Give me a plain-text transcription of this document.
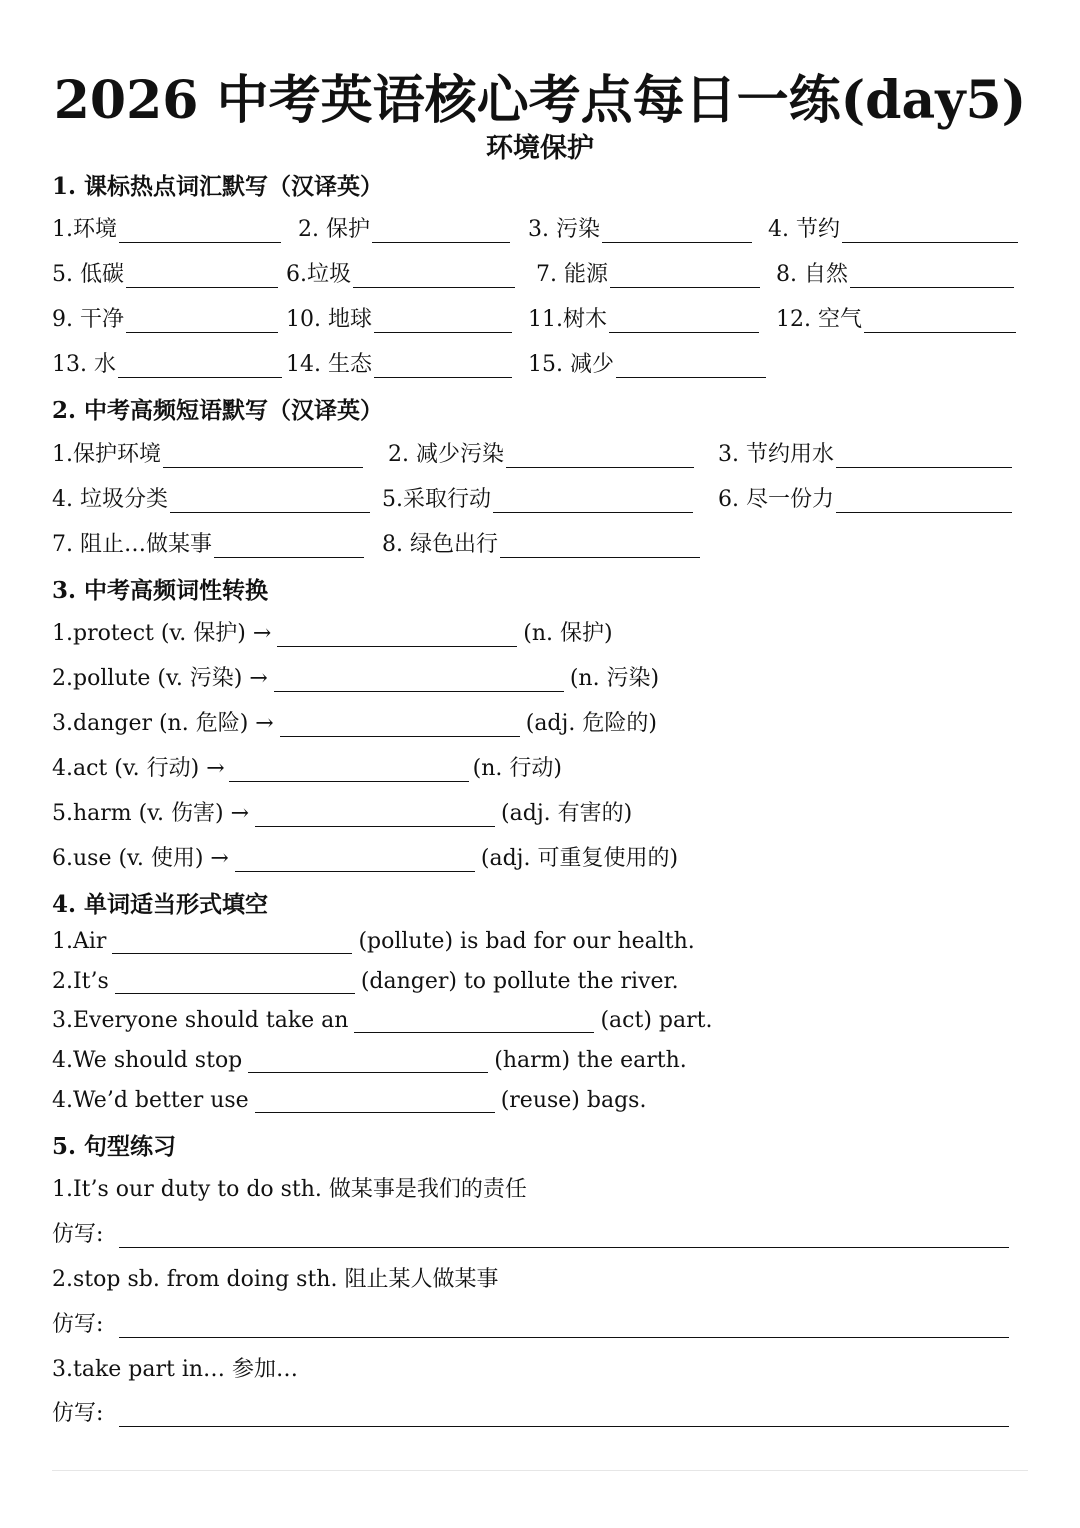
2026 中考英语核心考点每日一练(day5)
环境保护
1. 课标热点词汇默写（汉译英）
1.环境	2. 保护	3. 污染	4. 节约
5. 低碳	6.垃圾	7. 能源	8. 自然
9. 干净	10. 地球	11.树木	12. 空气
13. 水	14. 生态	15. 减少
2. 中考高频短语默写（汉译英）
1.保护环境	2. 减少污染	3. 节约用水
4. 垃圾分类	5.采取行动	6. 尽一份力
7. 阻止…做某事	8. 绿色出行
3. 中考高频词性转换
1.protect (v. 保护) →	(n. 保护)
2.pollute (v. 污染) →	(n. 污染)
3.danger (n. 危险) →	(adj. 危险的)
4.act (v. 行动) →	(n. 行动)
5.harm (v. 伤害) →	(adj. 有害的)
6.use (v. 使用) →	(adj. 可重复使用的)
4. 单词适当形式填空
1.Air	(pollute) is bad for our health.
2.It’s	(danger) to pollute the river.
3.Everyone should take an	(act) part.
4.We should stop	(harm) the earth.
4.We’d better use	(reuse) bags.
5. 句型练习
1.It’s our duty to do sth. 做某事是我们的责任
仿写:
2.stop sb. from doing sth. 阻止某人做某事
仿写:
3.take part in… 参加…
仿写:
